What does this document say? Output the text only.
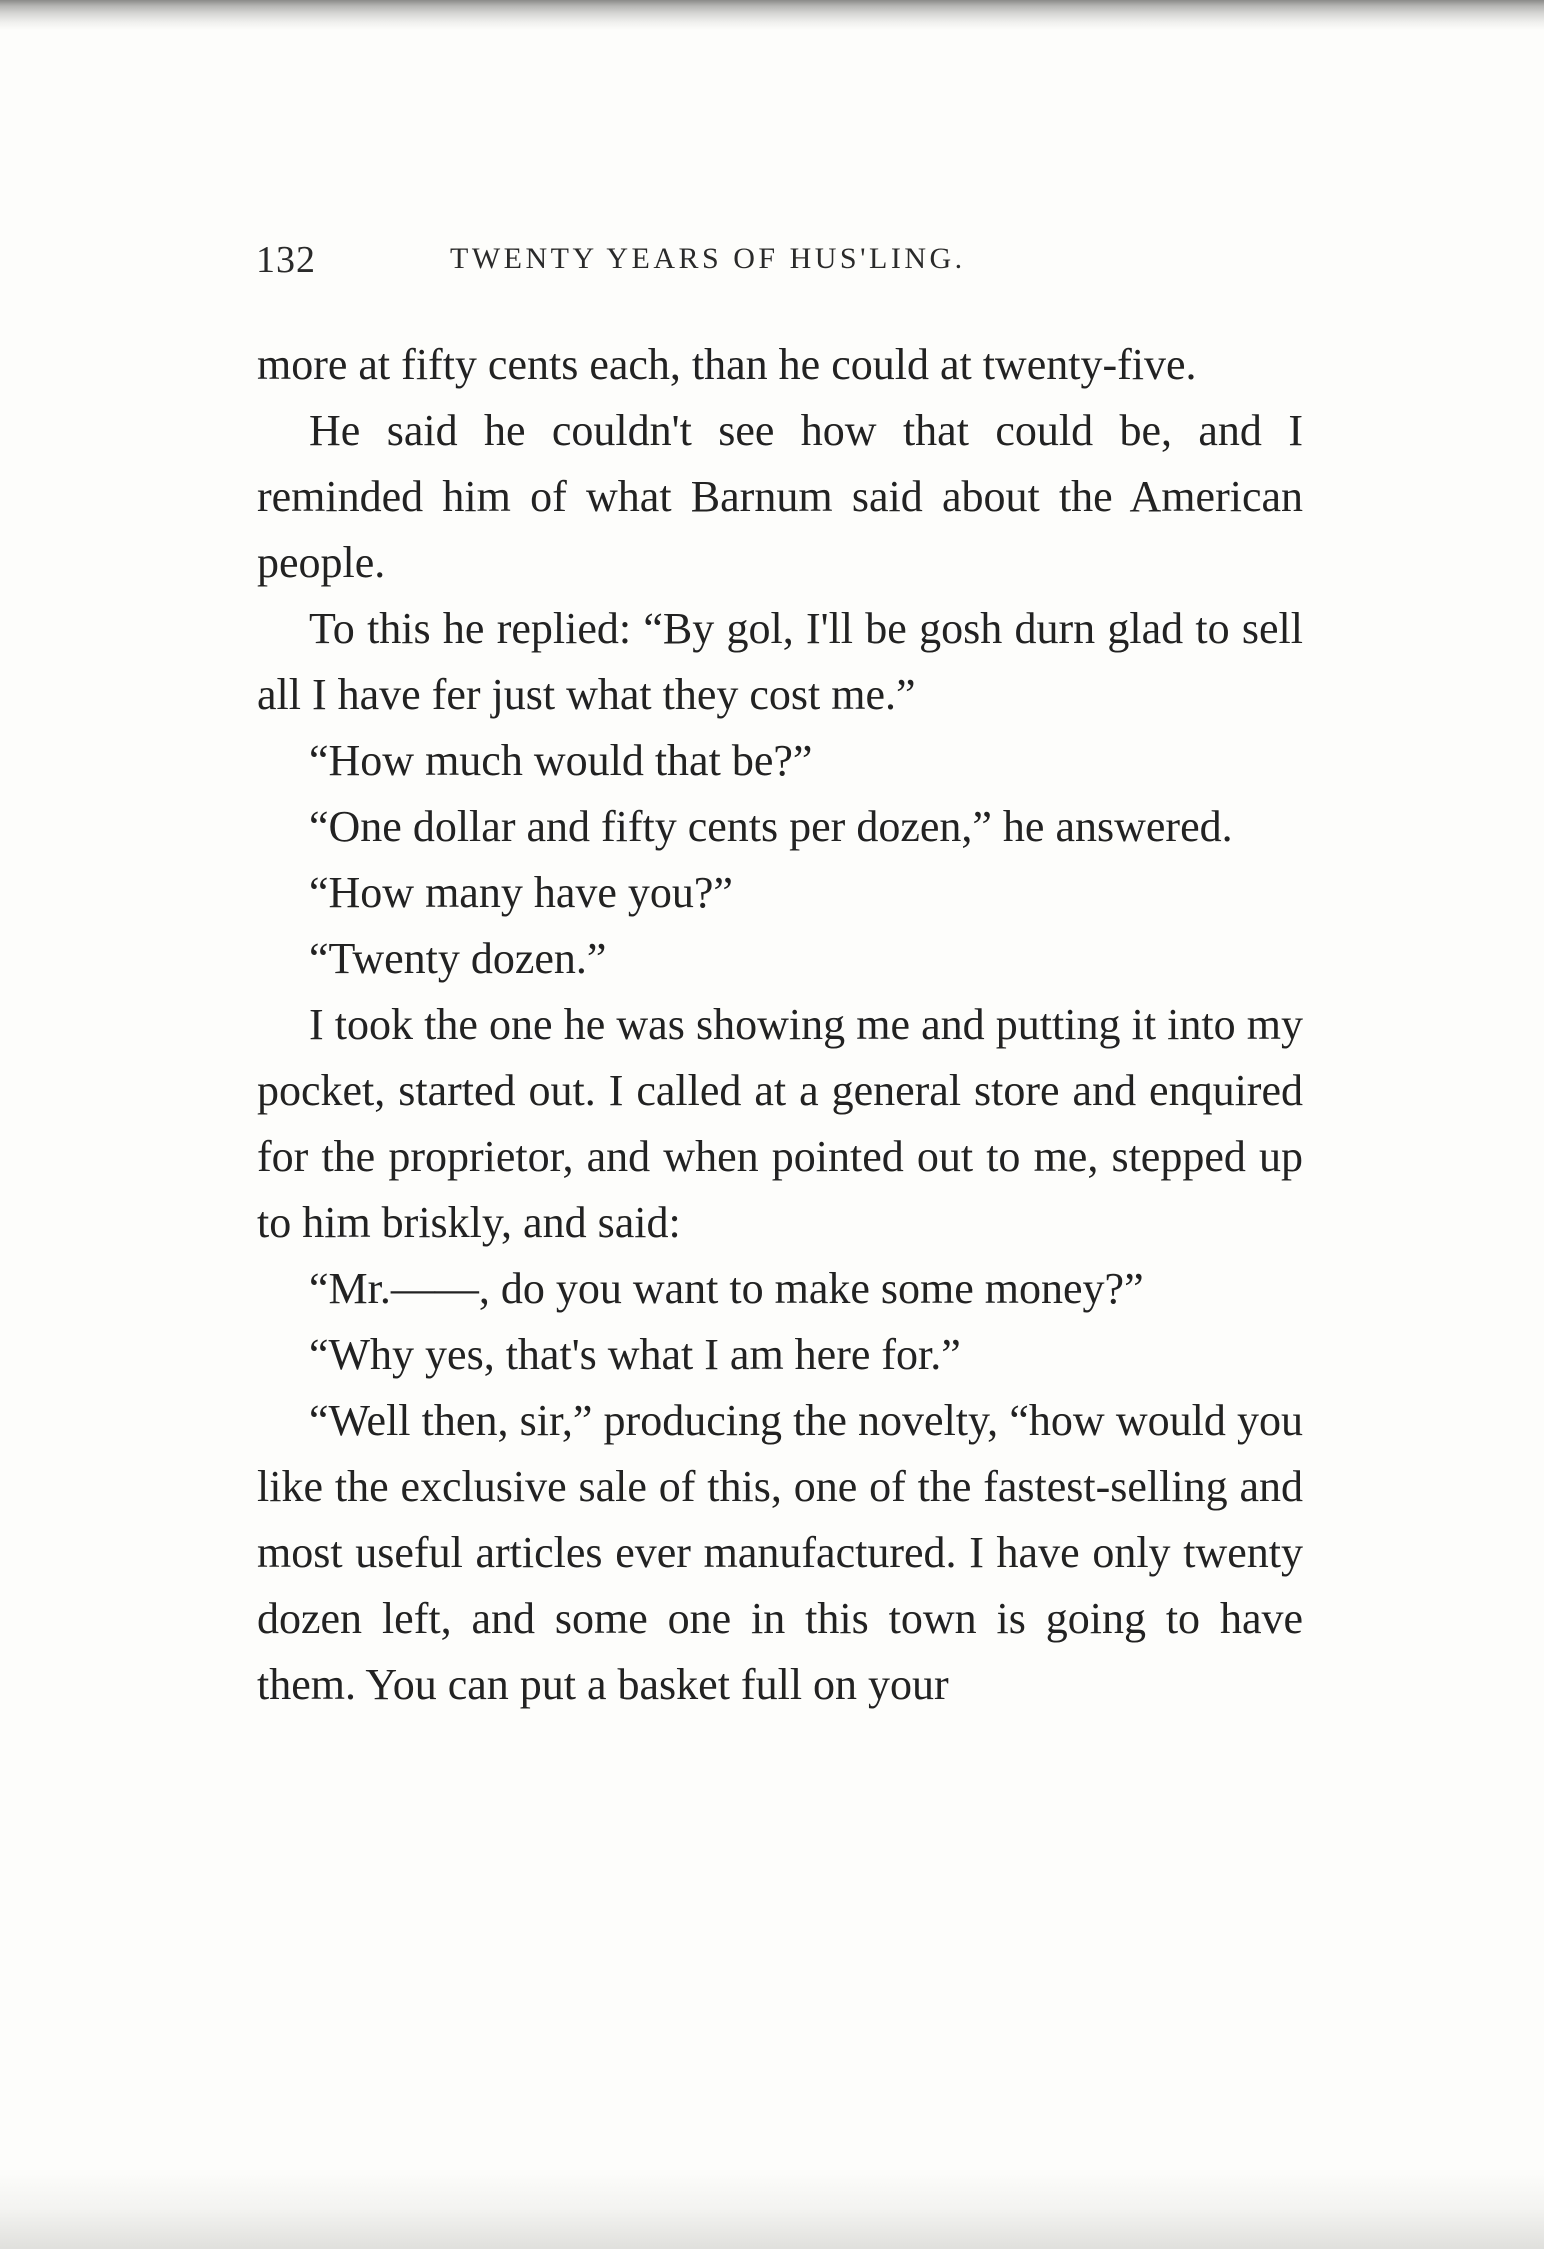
132	TWENTY YEARS OF HUS'LING.

more at fifty cents each, than he could at twenty-five.

He said he couldn't see how that could be, and I reminded him of what Barnum said about the American people.

To this he replied: “By gol, I'll be gosh durn glad to sell all I have fer just what they cost me.”

“How much would that be?”

“One dollar and fifty cents per dozen,” he answered.

“How many have you?”

“Twenty dozen.”

I took the one he was showing me and putting it into my pocket, started out. I called at a general store and enquired for the proprietor, and when pointed out to me, stepped up to him briskly, and said:

“Mr.——, do you want to make some money?”

“Why yes, that's what I am here for.”

“Well then, sir,” producing the novelty, “how would you like the exclusive sale of this, one of the fastest-selling and most useful articles ever manufactured. I have only twenty dozen left, and some one in this town is going to have them. You can put a basket full on your
